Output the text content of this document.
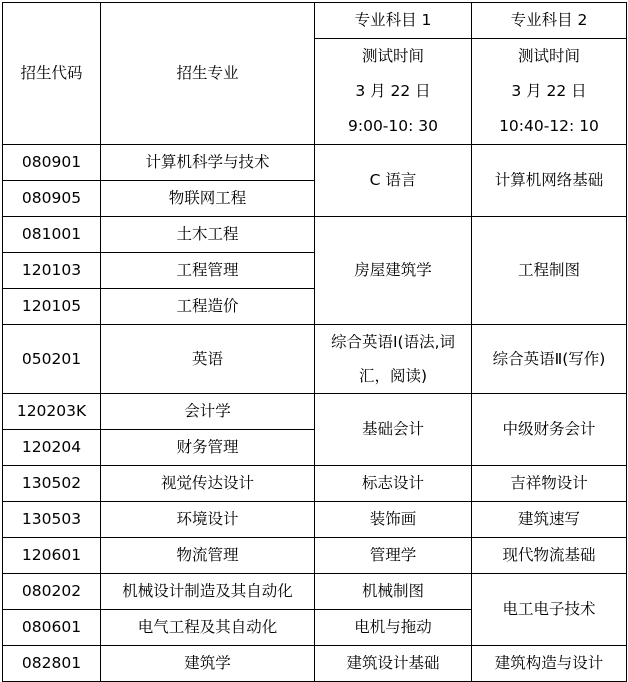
招生代码	招生专业	专业科目 1	专业科目 2
		测试时间	测试时间
		3 月 22 日	3 月 22 日
		9:00-10: 30	10:40-12: 10
080901	计算机科学与技术	C 语言	计算机网络基础
080905	物联网工程		
081001	土木工程	房屋建筑学	工程制图
120103	工程管理		
120105	工程造价		
050201	英语	综合英语Ⅰ(语法,词汇，阅读)	综合英语Ⅱ(写作)
120203K	会计学	基础会计	中级财务会计
120204	财务管理		
130502	视觉传达设计	标志设计	吉祥物设计
130503	环境设计	装饰画	建筑速写
120601	物流管理	管理学	现代物流基础
080202	机械设计制造及其自动化	机械制图	电工电子技术
080601	电气工程及其自动化	电机与拖动	
082801	建筑学	建筑设计基础	建筑构造与设计
